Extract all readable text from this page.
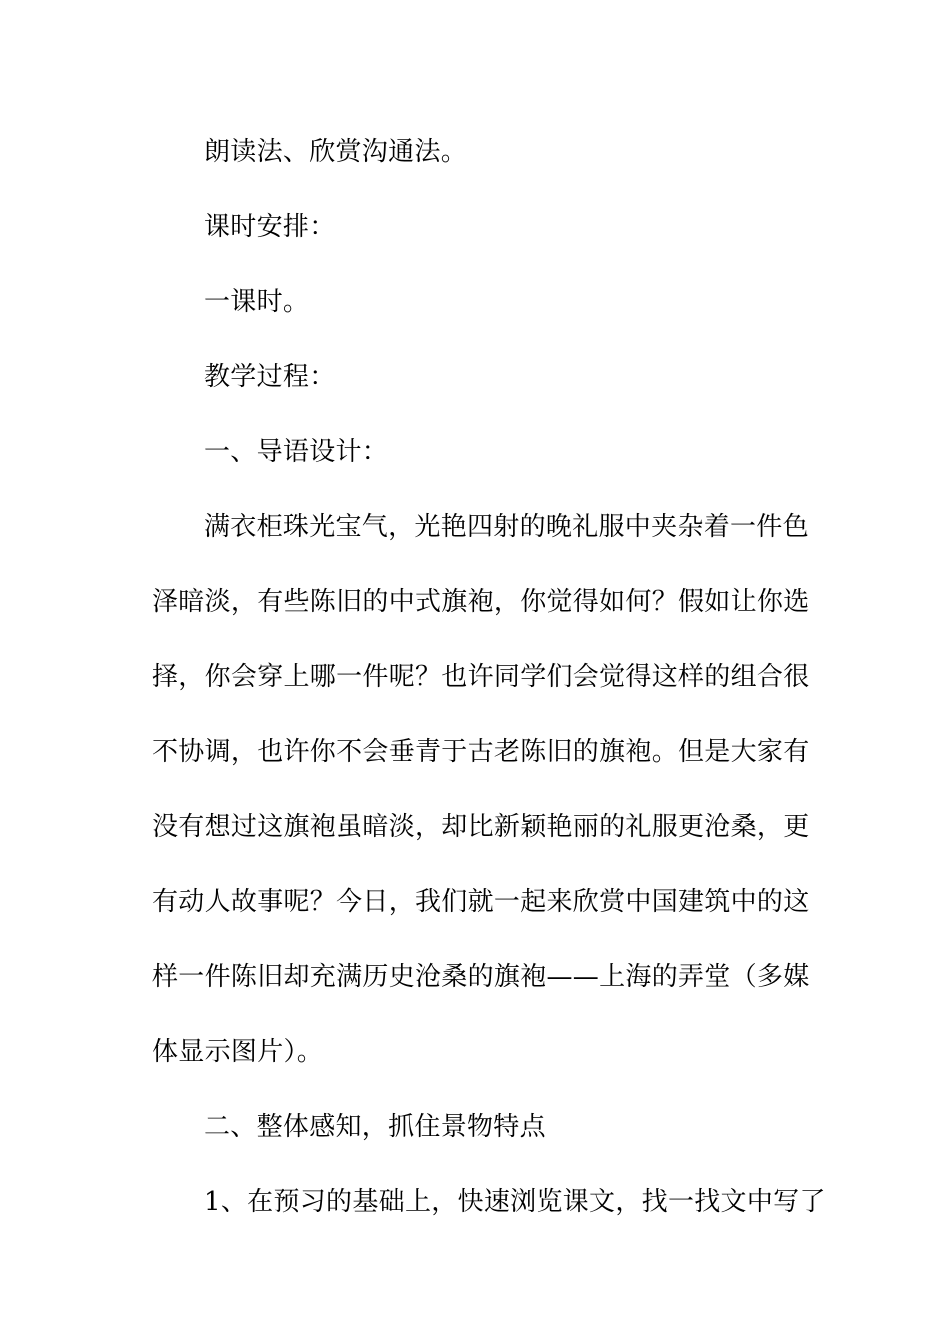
朗读法、欣赏沟通法。
课时安排：
一课时。
教学过程：
一、导语设计：
满衣柜珠光宝气，光艳四射的晚礼服中夹杂着一件色
泽暗淡，有些陈旧的中式旗袍，你觉得如何？假如让你选
择，你会穿上哪一件呢？也许同学们会觉得这样的组合很
不协调，也许你不会垂青于古老陈旧的旗袍。但是大家有
没有想过这旗袍虽暗淡，却比新颖艳丽的礼服更沧桑，更
有动人故事呢？今日，我们就一起来欣赏中国建筑中的这
样一件陈旧却充满历史沧桑的旗袍——上海的弄堂（多媒
体显示图片）。
二、整体感知，抓住景物特点
1、在预习的基础上，快速浏览课文，找一找文中写了
